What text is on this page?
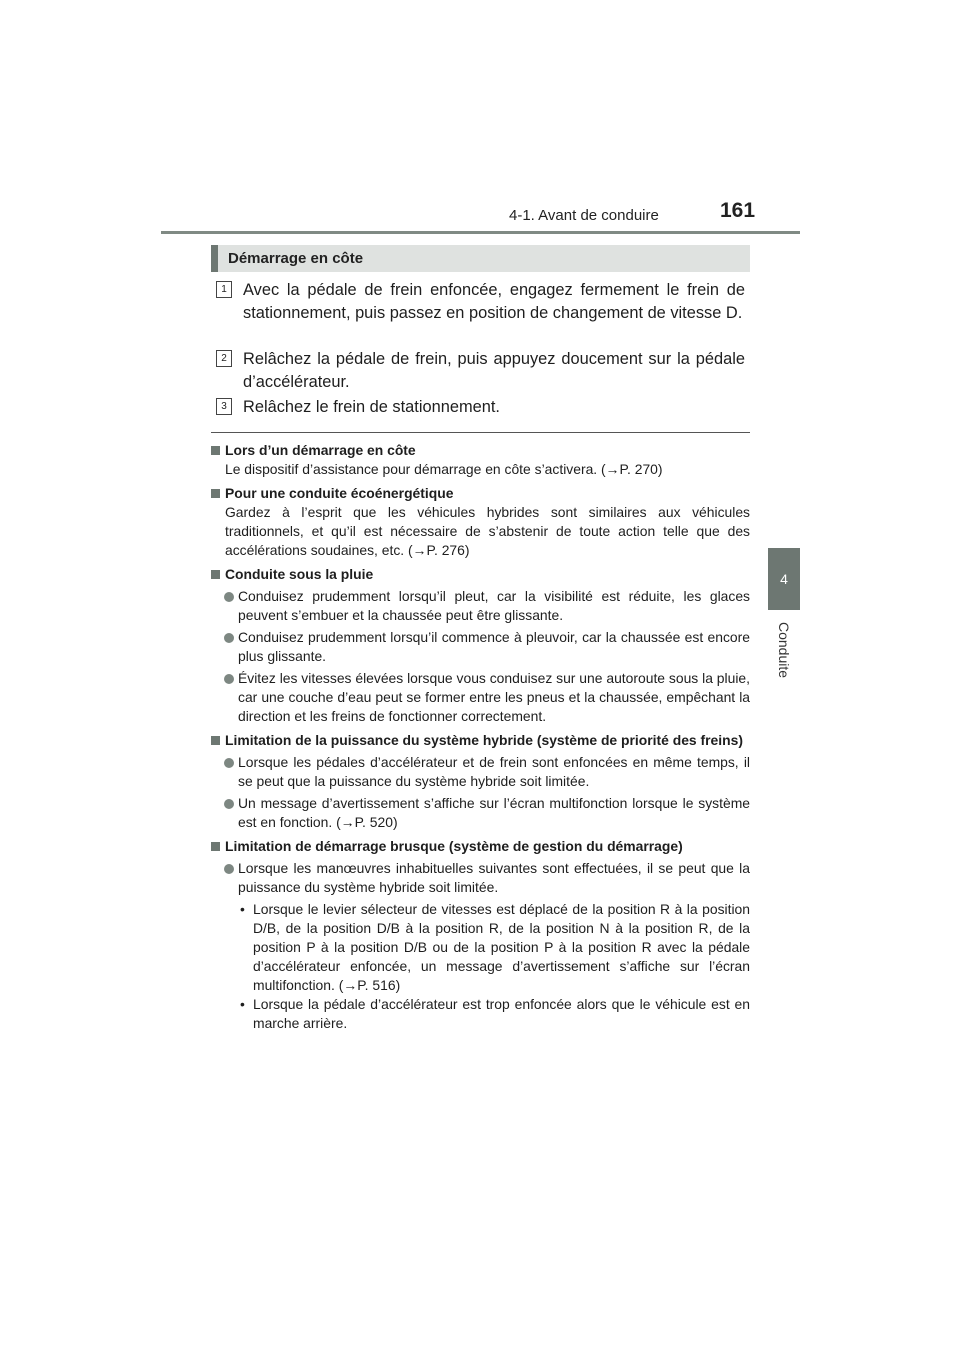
4-1. Avant de conduire	161
4
Conduite
Démarrage en côte
1 Avec la pédale de frein enfoncée, engagez fermement le frein de stationnement, puis passez en position de changement de vitesse D.
2 Relâchez la pédale de frein, puis appuyez doucement sur la pédale d’accélérateur.
3 Relâchez le frein de stationnement.
Lors d’un démarrage en côte
Le dispositif d’assistance pour démarrage en côte s’activera. (→P. 270)
Pour une conduite écoénergétique
Gardez à l’esprit que les véhicules hybrides sont similaires aux véhicules traditionnels, et qu’il est nécessaire de s’abstenir de toute action telle que des accélérations soudaines, etc. (→P. 276)
Conduite sous la pluie
Conduisez prudemment lorsqu’il pleut, car la visibilité est réduite, les glaces peuvent s’embuer et la chaussée peut être glissante.
Conduisez prudemment lorsqu’il commence à pleuvoir, car la chaussée est encore plus glissante.
Évitez les vitesses élevées lorsque vous conduisez sur une autoroute sous la pluie, car une couche d’eau peut se former entre les pneus et la chaussée, empêchant la direction et les freins de fonctionner correctement.
Limitation de la puissance du système hybride (système de priorité des freins)
Lorsque les pédales d’accélérateur et de frein sont enfoncées en même temps, il se peut que la puissance du système hybride soit limitée.
Un message d’avertissement s’affiche sur l’écran multifonction lorsque le système est en fonction. (→P. 520)
Limitation de démarrage brusque (système de gestion du démarrage)
Lorsque les manœuvres inhabituelles suivantes sont effectuées, il se peut que la puissance du système hybride soit limitée.
• Lorsque le levier sélecteur de vitesses est déplacé de la position R à la position D/B, de la position D/B à la position R, de la position N à la position R, de la position P à la position D/B ou de la position P à la position R avec la pédale d’accélérateur enfoncée, un message d’avertissement s’affiche sur l’écran multifonction. (→P. 516)
• Lorsque la pédale d’accélérateur est trop enfoncée alors que le véhicule est en marche arrière.
